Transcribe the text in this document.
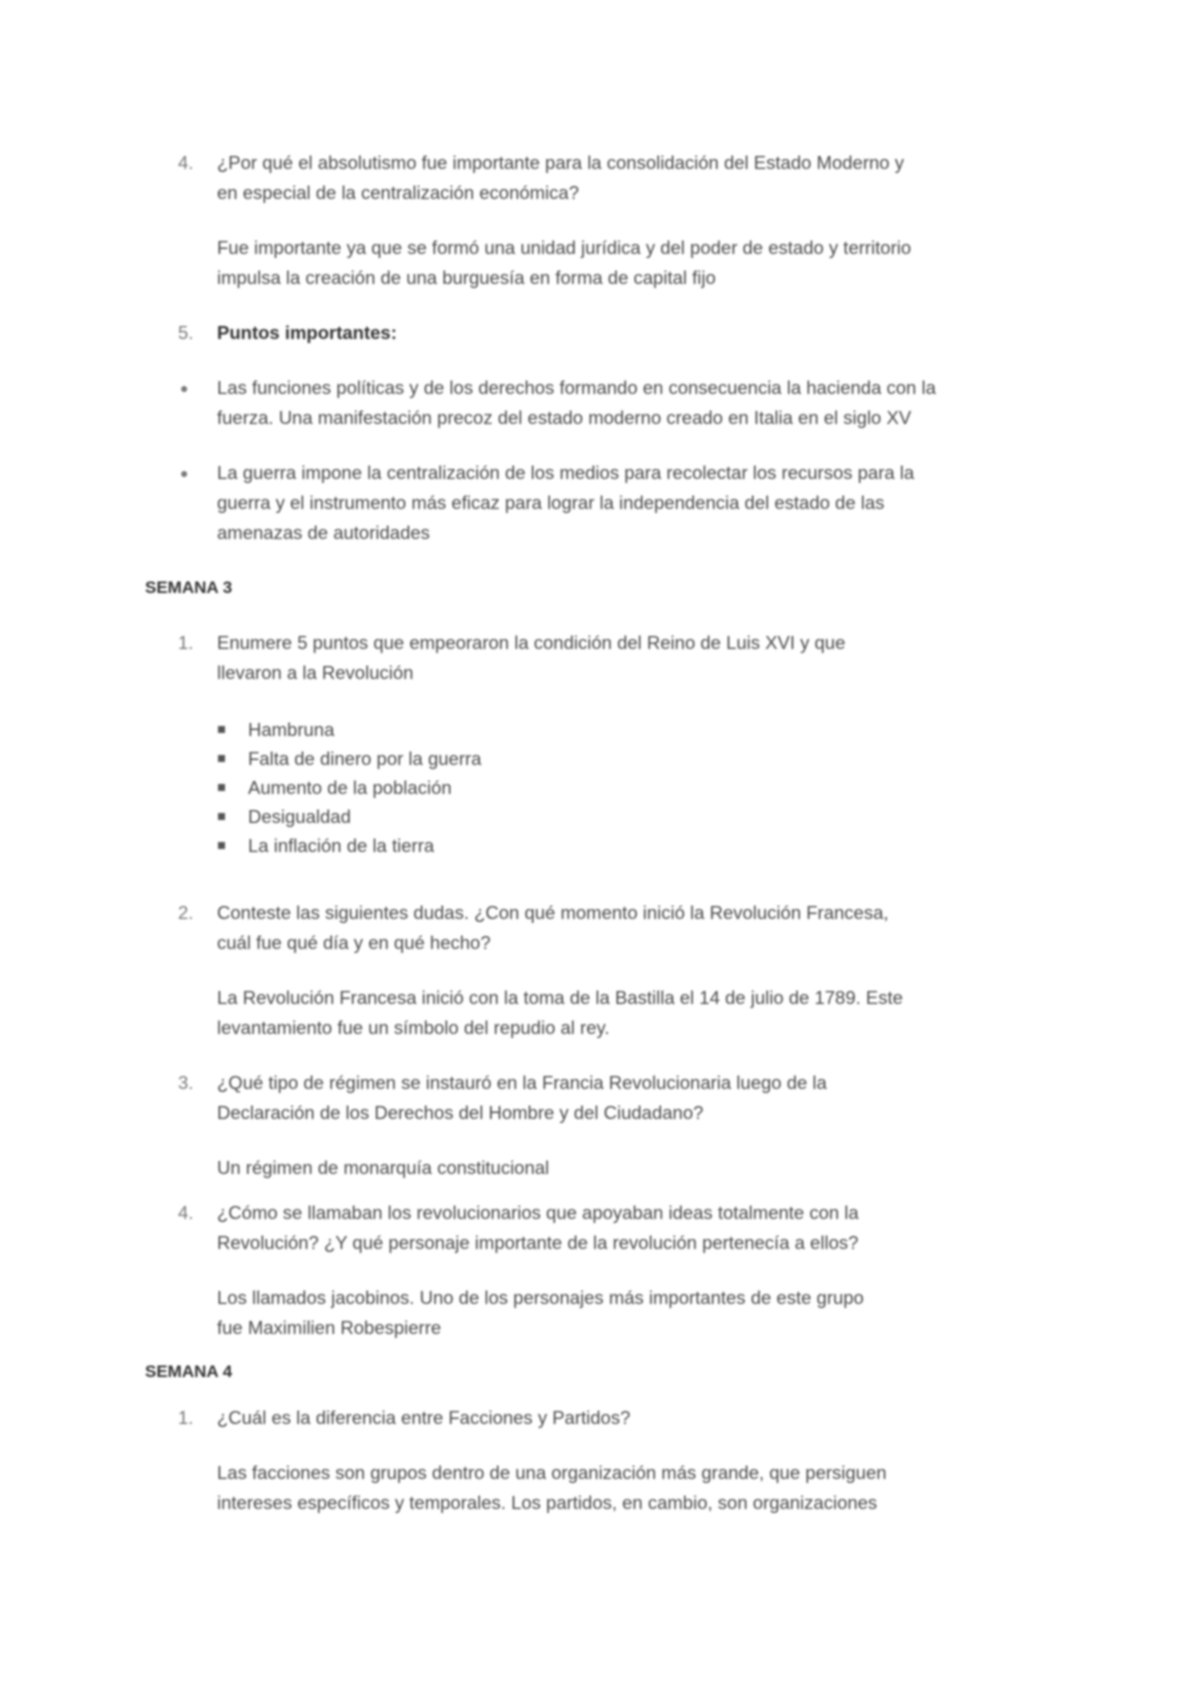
4. ¿Por qué el absolutismo fue importante para la consolidación del Estado Moderno y
en especial de la centralización económica?
Fue importante ya que se formó una unidad jurídica y del poder de estado y territorio
impulsa la creación de una burguesía en forma de capital fijo
5. Puntos importantes:
● Las funciones políticas y de los derechos formando en consecuencia la hacienda con la
fuerza. Una manifestación precoz del estado moderno creado en Italia en el siglo XV
● La guerra impone la centralización de los medios para recolectar los recursos para la
guerra y el instrumento más eficaz para lograr la independencia del estado de las
amenazas de autoridades
SEMANA 3
1. Enumere 5 puntos que empeoraron la condición del Reino de Luis XVI y que
llevaron a la Revolución
Hambruna
Falta de dinero por la guerra
Aumento de la población
Desigualdad
La inflación de la tierra
2. Conteste las siguientes dudas. ¿Con qué momento inició la Revolución Francesa,
cuál fue qué día y en qué hecho?
La Revolución Francesa inició con la toma de la Bastilla el 14 de julio de 1789. Este
levantamiento fue un símbolo del repudio al rey.
3. ¿Qué tipo de régimen se instauró en la Francia Revolucionaria luego de la
Declaración de los Derechos del Hombre y del Ciudadano?
Un régimen de monarquía constitucional
4. ¿Cómo se llamaban los revolucionarios que apoyaban ideas totalmente con la
Revolución? ¿Y qué personaje importante de la revolución pertenecía a ellos?
Los llamados jacobinos. Uno de los personajes más importantes de este grupo
fue Maximilien Robespierre
SEMANA 4
1. ¿Cuál es la diferencia entre Facciones y Partidos?
Las facciones son grupos dentro de una organización más grande, que persiguen
intereses específicos y temporales. Los partidos, en cambio, son organizaciones
